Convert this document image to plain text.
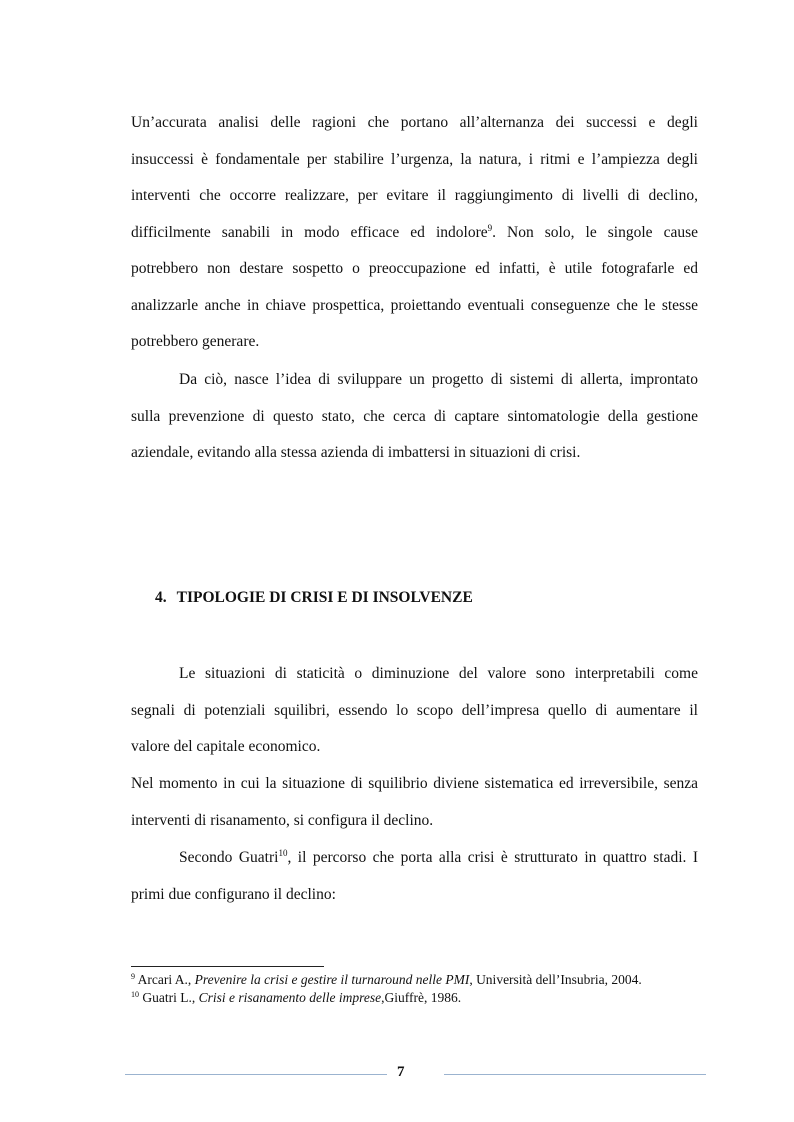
Un’accurata analisi delle ragioni che portano all’alternanza dei successi e degli
insuccessi è fondamentale per stabilire l’urgenza, la natura, i ritmi e l’ampiezza degli
interventi che occorre realizzare, per evitare il raggiungimento di livelli di declino,
difficilmente sanabili in modo efficace ed indolore$^9$. Non solo, le singole cause
potrebbero non destare sospetto o preoccupazione ed infatti, è utile fotografarle ed
analizzarle anche in chiave prospettica, proiettando eventuali conseguenze che le stesse
potrebbero generare.
Da ciò, nasce l’idea di sviluppare un progetto di sistemi di allerta, improntato
sulla prevenzione di questo stato, che cerca di captare sintomatologie della gestione
aziendale, evitando alla stessa azienda di imbattersi in situazioni di crisi.
4. TIPOLOGIE DI CRISI E DI INSOLVENZE
Le situazioni di staticità o diminuzione del valore sono interpretabili come
segnali di potenziali squilibri, essendo lo scopo dell’impresa quello di aumentare il
valore del capitale economico.
Nel momento in cui la situazione di squilibrio diviene sistematica ed irreversibile, senza
interventi di risanamento, si configura il declino.
Secondo Guatri$^{10}$, il percorso che porta alla crisi è strutturato in quattro stadi. I
primi due configurano il declino:
$^9$ Arcari A., Prevenire la crisi e gestire il turnaround nelle PMI, Università dell’Insubria, 2004.
$^{10}$ Guatri L., Crisi e risanamento delle imprese,Giuffrè, 1986.
7
